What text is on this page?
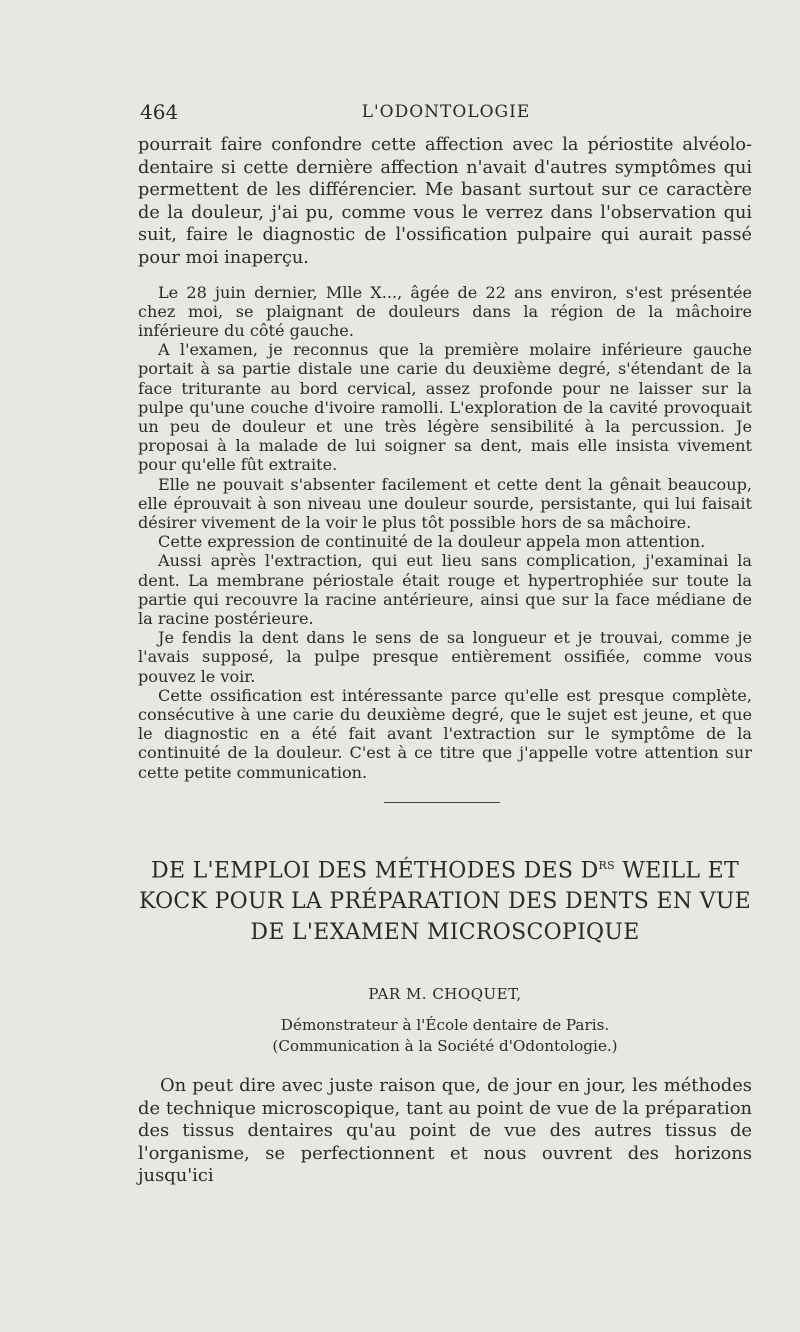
464	L'ODONTOLOGIE

pourrait faire confondre cette affection avec la périostite alvéolo-dentaire si cette dernière affection n'avait d'autres symptômes qui permettent de les différencier. Me basant surtout sur ce caractère de la douleur, j'ai pu, comme vous le verrez dans l'observation qui suit, faire le diagnostic de l'ossification pulpaire qui aurait passé pour moi inaperçu.

Le 28 juin dernier, Mlle X..., âgée de 22 ans environ, s'est présentée chez moi, se plaignant de douleurs dans la région de la mâchoire inférieure du côté gauche.

A l'examen, je reconnus que la première molaire inférieure gauche portait à sa partie distale une carie du deuxième degré, s'étendant de la face triturante au bord cervical, assez profonde pour ne laisser sur la pulpe qu'une couche d'ivoire ramolli. L'exploration de la cavité provoquait un peu de douleur et une très légère sensibilité à la percussion. Je proposai à la malade de lui soigner sa dent, mais elle insista vivement pour qu'elle fût extraite.

Elle ne pouvait s'absenter facilement et cette dent la gênait beaucoup, elle éprouvait à son niveau une douleur sourde, persistante, qui lui faisait désirer vivement de la voir le plus tôt possible hors de sa mâchoire.

Cette expression de continuité de la douleur appela mon attention.

Aussi après l'extraction, qui eut lieu sans complication, j'examinai la dent. La membrane périostale était rouge et hypertrophiée sur toute la partie qui recouvre la racine antérieure, ainsi que sur la face médiane de la racine postérieure.

Je fendis la dent dans le sens de sa longueur et je trouvai, comme je l'avais supposé, la pulpe presque entièrement ossifiée, comme vous pouvez le voir.

Cette ossification est intéressante parce qu'elle est presque complète, consécutive à une carie du deuxième degré, que le sujet est jeune, et que le diagnostic en a été fait avant l'extraction sur le symptôme de la continuité de la douleur. C'est à ce titre que j'appelle votre attention sur cette petite communication.

DE L'EMPLOI DES MÉTHODES DES $D^{RS}$ WEILL ET KOCK POUR LA PRÉPARATION DES DENTS EN VUE DE L'EXAMEN MICROSCOPIQUE
PAR M. CHOQUET,
Démonstrateur à l'École dentaire de Paris.
(Communication à la Société d'Odontologie.)

On peut dire avec juste raison que, de jour en jour, les méthodes de technique microscopique, tant au point de vue de la préparation des tissus dentaires qu'au point de vue des autres tissus de l'organisme, se perfectionnent et nous ouvrent des horizons jusqu'ici
